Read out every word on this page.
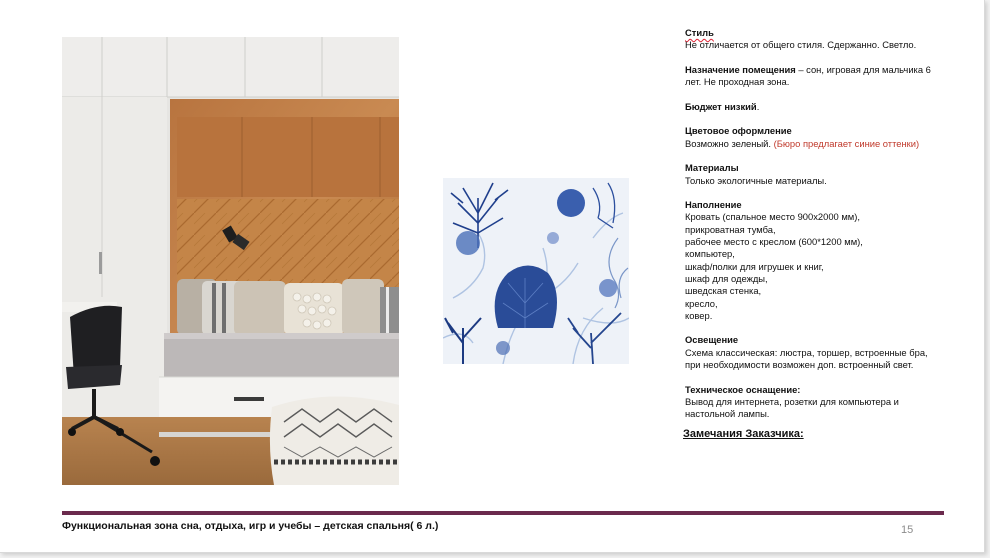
Стиль
Не отличается от общего стиля. Сдержанно. Светло.
Назначение помещения – сон, игровая для мальчика 6
лет. Не проходная зона.
Бюджет низкий.
Цветовое оформление
Возможно зеленый. (Бюро предлагает синие оттенки)
Материалы
Только экологичные материалы.
Наполнение
Кровать (спальное место 900х2000 мм),
прикроватная тумба,
рабочее место с креслом (600*1200 мм),
компьютер,
шкаф/полки для игрушек и книг,
шкаф для одежды,
шведская стенка,
кресло,
ковер.
Освещение
Схема классическая: люстра, торшер, встроенные бра,
при необходимости возможен доп. встроенный свет.
Техническое оснащение:
Вывод для интернета, розетки для компьютера и
настольной лампы.
Замечания Заказчика:
Функциональная зона сна, отдыха, игр и учебы – детская спальня( 6 л.)	15
